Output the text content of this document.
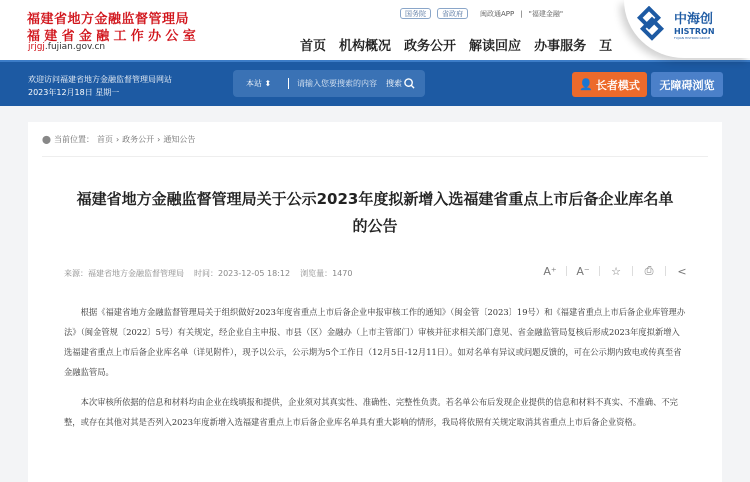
福建省地方金融监督管理局
福建省金融工作办公室
jrjgj.fujian.gov.cn
国务院	省政府	闽政通APP | "福建金融"
首页 机构概况 政务公开 解读回应 办事服务 互
欢迎访问福建省地方金融监督管理局网站
2023年12月18日 星期一
本站 ⬍	请输入您要搜索的内容	搜索	👤 长者模式	无障碍浏览
中海创
HISTRON
FUJIAN HISTRON GROUP
⬤ 当前位置： 首页 › 政务公开 › 通知公告
福建省地方金融监督管理局关于公示2023年度拟新增入选福建省重点上市后备企业库名单
的公告
来源：福建省地方金融监督管理局 时间：2023-12-05 18:12 浏览量：1470	A⁺	A⁻	☆	⎙	<

根据《福建省地方金融监督管理局关于组织做好2023年度省重点上市后备企业申报审核工作的通知》（闽金管〔2023〕19号）和《福建省重点上市后备企业库管理办法》（闽金管规〔2022〕5号）有关规定，经企业自主申报、市县（区）金融办（上市主管部门）审核并征求相关部门意见、省金融监管局复核后形成2023年度拟新增入选福建省重点上市后备企业库名单（详见附件），现予以公示，公示期为5个工作日（12月5日-12月11日）。如对名单有异议或问题反馈的，可在公示期内致电或传真至省金融监管局。

本次审核所依据的信息和材料均由企业在线填报和提供，企业须对其真实性、准确性、完整性负责。若名单公布后发现企业提供的信息和材料不真实、不准确、不完整，或存在其他对其是否列入2023年度新增入选福建省重点上市后备企业库名单具有重大影响的情形，我局将依照有关规定取消其省重点上市后备企业资格。
